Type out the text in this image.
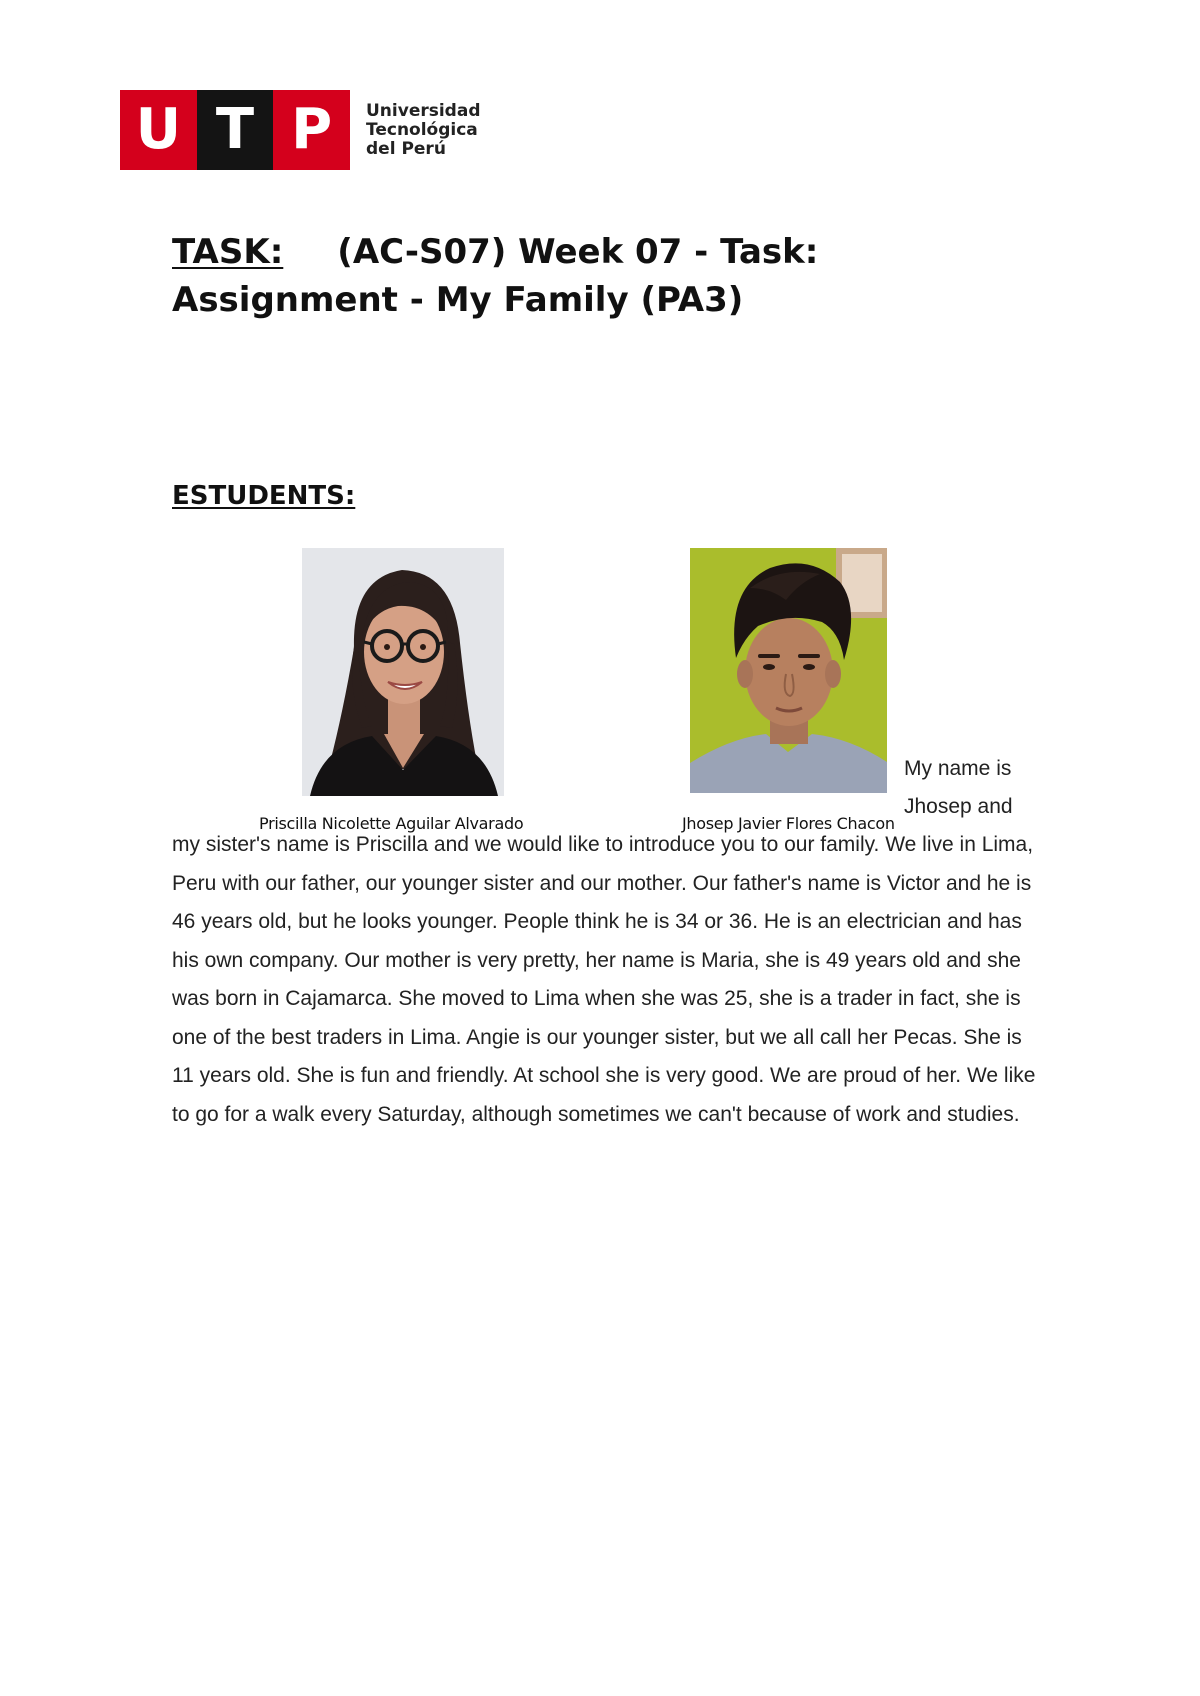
U T P	Universidad
Tecnológica
del Perú
TASK: (AC-S07) Week 07 - Task: Assignment - My Family (PA3)
ESTUDENTS:
Priscilla Nicolette Aguilar Alvarado	Jhosep Javier Flores Chacon
My name is Jhosep and

my sister's name is Priscilla and we would like to introduce you to our family. We live in Lima, Peru with our father, our younger sister and our mother. Our father's name is Victor and he is 46 years old, but he looks younger. People think he is 34 or 36. He is an electrician and has his own company. Our mother is very pretty, her name is Maria, she is 49 years old and she was born in Cajamarca. She moved to Lima when she was 25, she is a trader in fact, she is one of the best traders in Lima. Angie is our younger sister, but we all call her Pecas. She is 11 years old. She is fun and friendly. At school she is very good. We are proud of her. We like to go for a walk every Saturday, although sometimes we can't because of work and studies.
